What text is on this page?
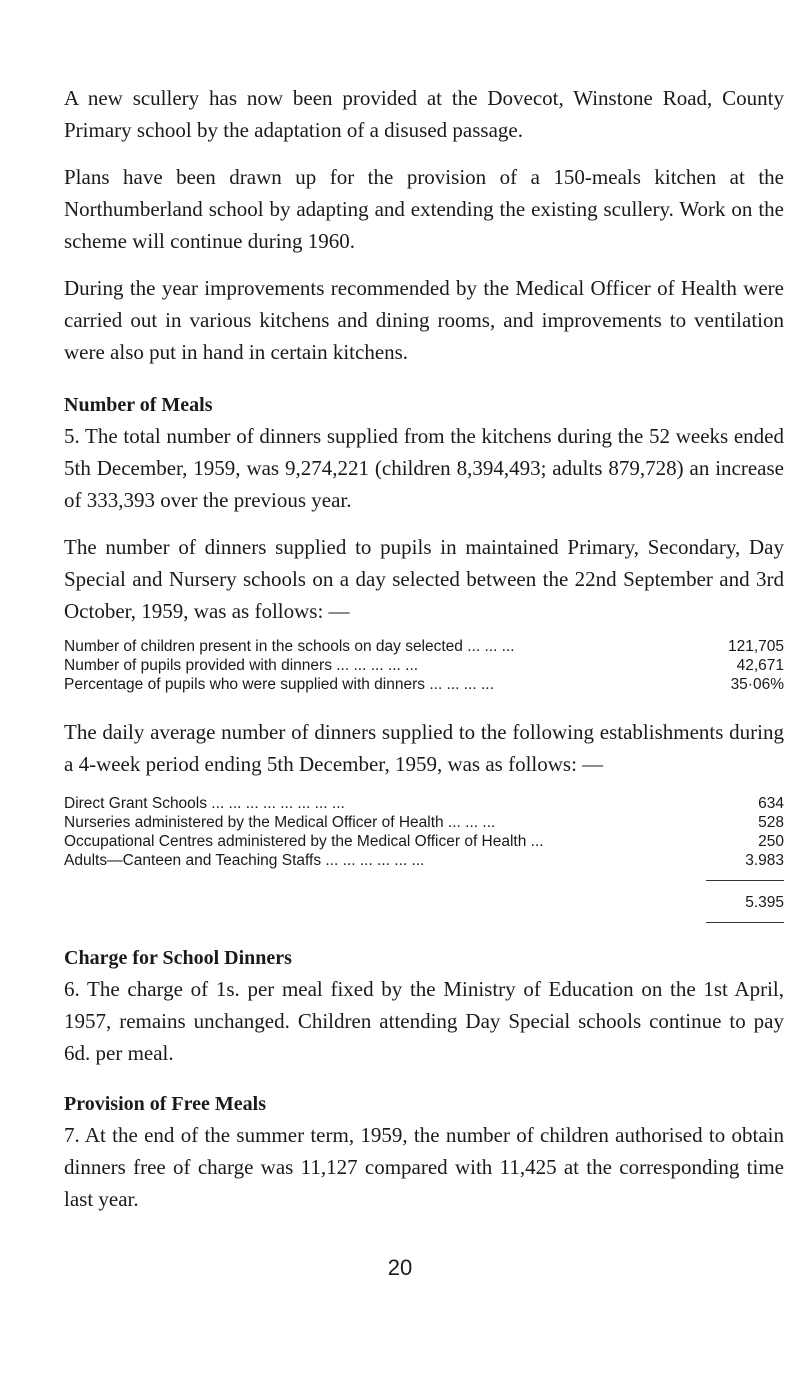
A new scullery has now been provided at the Dovecot, Winstone Road, County Primary school by the adaptation of a disused passage.

Plans have been drawn up for the provision of a 150-meals kitchen at the Northumberland school by adapting and extending the existing scullery. Work on the scheme will continue during 1960.

During the year improvements recommended by the Medical Officer of Health were carried out in various kitchens and dining rooms, and improvements to ventilation were also put in hand in certain kitchens.

Number of Meals

5. The total number of dinners supplied from the kitchens during the 52 weeks ended 5th December, 1959, was 9,274,221 (children 8,394,493; adults 879,728) an increase of 333,393 over the previous year.

The number of dinners supplied to pupils in maintained Primary, Secondary, Day Special and Nursery schools on a day selected between the 22nd September and 3rd October, 1959, was as follows: —

Number of children present in the schools on day selected ... ... ...	121,705
Number of pupils provided with dinners ... ... ... ... ...	42,671
Percentage of pupils who were supplied with dinners ... ... ... ...	35·06%

The daily average number of dinners supplied to the following establishments during a 4-week period ending 5th December, 1959, was as follows: —

Direct Grant Schools ... ... ... ... ... ... ... ...	634
Nurseries administered by the Medical Officer of Health ... ... ...	528
Occupational Centres administered by the Medical Officer of Health ...	250
Adults—Canteen and Teaching Staffs ... ... ... ... ... ...	3.983
	5.395
Charge for School Dinners

6. The charge of 1s. per meal fixed by the Ministry of Education on the 1st April, 1957, remains unchanged. Children attending Day Special schools continue to pay 6d. per meal.

Provision of Free Meals

7. At the end of the summer term, 1959, the number of children authorised to obtain dinners free of charge was 11,127 compared with 11,425 at the corresponding time last year.

20
